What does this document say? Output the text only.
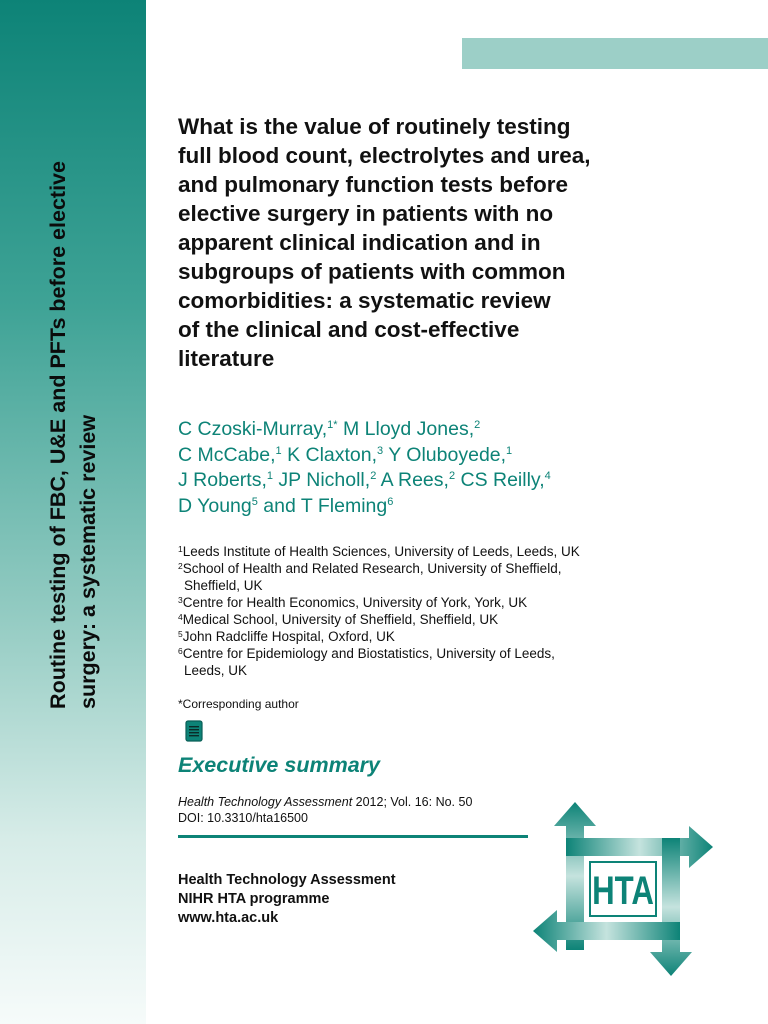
Routine testing of FBC, U&E and PFTs before elective surgery: a systematic review
What is the value of routinely testing
full blood count, electrolytes and urea,
and pulmonary function tests before
elective surgery in patients with no
apparent clinical indication and in
subgroups of patients with common
comorbidities: a systematic review
of the clinical and cost-effective
literature
C Czoski-Murray,$^{1*}$ M Lloyd Jones,$^2$
C McCabe,$^1$ K Claxton,$^3$ Y Oluboyede,$^1$
J Roberts,$^1$ JP Nicholl,$^2$ A Rees,$^2$ CS Reilly,$^4$
D Young$^5$ and T Fleming$^6$
$^1$Leeds Institute of Health Sciences, University of Leeds, Leeds, UK
$^2$School of Health and Related Research, University of Sheffield,
Sheffield, UK
$^3$Centre for Health Economics, University of York, York, UK
$^4$Medical School, University of Sheffield, Sheffield, UK
$^5$John Radcliffe Hospital, Oxford, UK
$^6$Centre for Epidemiology and Biostatistics, University of Leeds,
Leeds, UK
*Corresponding author
Executive summary
Health Technology Assessment 2012; Vol. 16: No. 50
DOI: 10.3310/hta16500
Health Technology Assessment
NIHR HTA programme
www.hta.ac.uk
HTA
